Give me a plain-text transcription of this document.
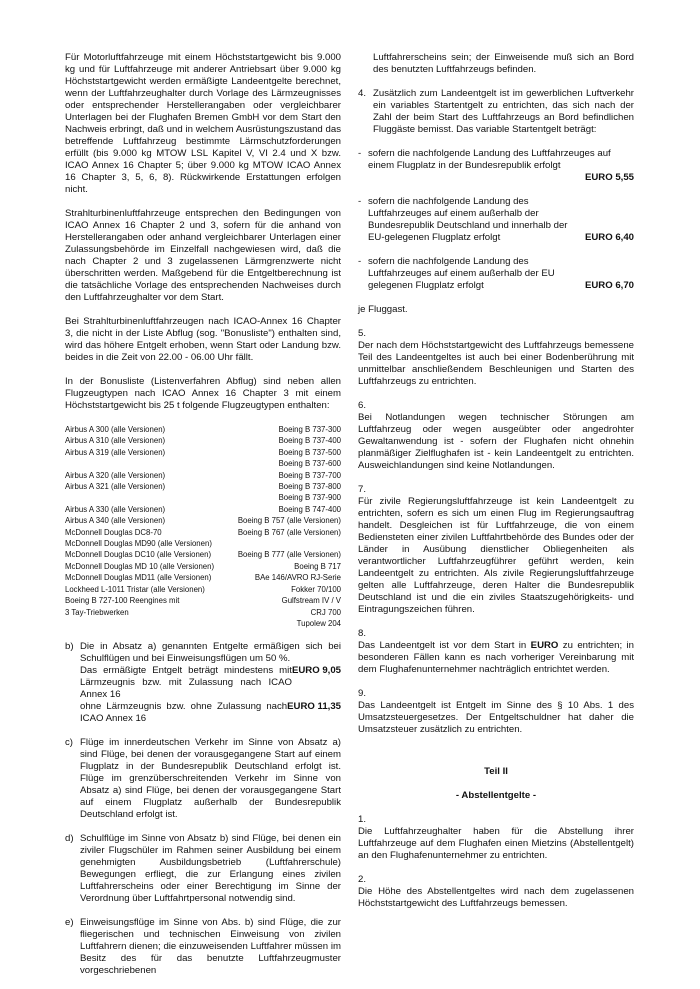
Für Motorluftfahrzeuge mit einem Höchststartgewicht bis 9.000 kg und für Luftfahrzeuge mit anderer Antriebsart über 9.000 kg Höchststartgewicht werden ermäßigte Landeentgelte berechnet, wenn der Luftfahrzeughalter durch Vorlage des Lärmzeugnisses oder entsprechender Herstellerangaben oder vergleichbarer Unterlagen bei der Flughafen Bremen GmbH vor dem Start den Nachweis erbringt, daß und in welchem Ausrüstungszustand das betreffende Luftfahrzeug bestimmte Lärmschutzforderungen erfüllt (bis 9.000 kg MTOW LSL Kapitel V, VI 2.4 und X bzw. ICAO Annex 16 Chapter 5; über 9.000 kg MTOW ICAO Annex 16 Chapter 3, 5, 6, 8). Rückwirkende Erstattungen erfolgen nicht.

Strahlturbinenluftfahrzeuge entsprechen den Bedingungen von ICAO Annex 16 Chapter 2 und 3, sofern für die anhand von Herstellerangaben oder anhand vergleichbarer Unterlagen einer Zulassungsbehörde im Einzelfall nachgewiesen wird, daß die nach Chapter 2 und 3 zugelassenen Lärmgrenzwerte nicht überschritten werden. Maßgebend für die Entgeltberechnung ist die tatsächliche Vorlage des entsprechenden Nachweises durch den Luftfahrzeughalter vor dem Start.

Bei Strahlturbinenluftfahrzeugen nach ICAO-Annex 16 Chapter 3, die nicht in der Liste Abflug (sog. "Bonusliste") enthalten sind, wird das höhere Entgelt erhoben, wenn Start oder Landung bzw. beides in die Zeit von 22.00 - 06.00 Uhr fällt.

In der Bonusliste (Listenverfahren Abflug) sind neben allen Flugzeugtypen nach ICAO Annex 16 Chapter 3 mit einem Höchststartgewicht bis 25 t folgende Flugzeugtypen enthalten:

Airbus A 300 (alle Versionen)	Boeing B 737-300
Airbus A 310 (alle Versionen)	Boeing B 737-400
Airbus A 319 (alle Versionen)	Boeing B 737-500
Boeing B 737-600
Airbus A 320 (alle Versionen)	Boeing B 737-700
Airbus A 321 (alle Versionen)	Boeing B 737-800
Boeing B 737-900
Airbus A 330 (alle Versionen)	Boeing B 747-400
Airbus A 340 (alle Versionen)	Boeing B 757 (alle Versionen)
McDonnell Douglas DC8-70	Boeing B 767 (alle Versionen)
McDonnell Douglas MD90 (alle Versionen)
McDonnell Douglas DC10 (alle Versionen)	Boeing B 777 (alle Versionen)
McDonnell Douglas MD 10 (alle Versionen)	Boeing B 717
McDonnell Douglas MD11 (alle Versionen)	BAe 146/AVRO RJ-Serie
Lockheed L-1011 Tristar (alle Versionen)	Fokker 70/100
Boeing B 727-100 Reengines mit	Gulfstream IV / V
3 Tay-Triebwerken	CRJ 700
Tupolew 204
b) Die in Absatz a) genannten Entgelte ermäßigen sich bei Schulflügen und bei Einweisungsflügen um 50 %.
Das ermäßigte Entgelt beträgt mindestens mit Lärmzeugnis bzw. mit Zulassung nach ICAO Annex 16
EURO 9,05
ohne Lärmzeugnis bzw. ohne Zulassung nach ICAO Annex 16
EURO 11,35
c) Flüge im innerdeutschen Verkehr im Sinne von Absatz a) sind Flüge, bei denen der vorausgegangene Start auf einem Flugplatz in der Bundesrepublik Deutschland erfolgt ist. Flüge im grenzüberschreitenden Verkehr im Sinne von Absatz a) sind Flüge, bei denen der vorausgegangene Start auf einem Flugplatz außerhalb der Bundesrepublik Deutschland erfolgt ist.
d) Schulflüge im Sinne von Absatz b) sind Flüge, bei denen ein ziviler Flugschüler im Rahmen seiner Ausbildung bei einem genehmigten Ausbildungsbetrieb (Luftfahrerschule) Bewegungen erfliegt, die zur Erlangung eines zivilen Luftfahrerscheins oder einer Berechtigung im Sinne der Verordnung über Luftfahrtpersonal notwendig sind.
e) Einweisungsflüge im Sinne von Abs. b) sind Flüge, die zur fliegerischen und technischen Einweisung von zivilen Luftfahrern dienen; die einzuweisenden Luftfahrer müssen im Besitz des für das benutzte Luftfahrzeugmuster vorgeschriebenen
Luftfahrerscheins sein; der Einweisende muß sich an Bord des benutzten Luftfahrzeugs befinden.
4. Zusätzlich zum Landeentgelt ist im gewerblichen Luftverkehr ein variables Startentgelt zu entrichten, das sich nach der Zahl der beim Start des Luftfahrzeugs an Bord befindlichen Fluggäste bemisst. Das variable Startentgelt beträgt:
- sofern die nachfolgende Landung des Luftfahrzeuges auf einem Flugplatz in der Bundesrepublik erfolgt
EURO 5,55
- sofern die nachfolgende Landung des Luftfahrzeuges auf einem außerhalb der Bundesrepublik Deutschland und innerhalb der EU-gelegenen Flugplatz erfolgt	EURO 6,40
- sofern die nachfolgende Landung des Luftfahrzeuges auf einem außerhalb der EU gelegenen Flugplatz erfolgt	EURO 6,70

je Fluggast.

5.

Der nach dem Höchststartgewicht des Luftfahrzeugs bemessene Teil des Landeentgeltes ist auch bei einer Bodenberührung mit unmittelbar anschließendem Beschleunigen und Starten des Luftfahrzeugs zu entrichten.

6.

Bei Notlandungen wegen technischer Störungen am Luftfahrzeug oder wegen ausgeübter oder angedrohter Gewaltanwendung ist - sofern der Flughafen nicht ohnehin planmäßiger Zielflughafen ist - kein Landeentgelt zu entrichten. Ausweichlandungen sind keine Notlandungen.

7.

Für zivile Regierungsluftfahrzeuge ist kein Landeentgelt zu entrichten, sofern es sich um einen Flug im Regierungsauftrag handelt. Desgleichen ist für Luftfahrzeuge, die von einem Bediensteten einer zivilen Luftfahrtbehörde des Bundes oder der Länder in Ausübung dienstlicher Obliegenheiten als verantwortlicher Luftfahrzeugführer geführt werden, kein Landeentgelt zu entrichten. Als zivile Regierungsluftfahrzeuge gelten alle Luftfahrzeuge, deren Halter die Bundesrepublik Deutschland ist und die ein ziviles Staatszugehörigkeits- und Eintragungszeichen führen.

8.

Das Landeentgelt ist vor dem Start in EURO zu entrichten; in besonderen Fällen kann es nach vorheriger Vereinbarung mit dem Flughafenunternehmer nachträglich entrichtet werden.

9.

Das Landeentgelt ist Entgelt im Sinne des § 10 Abs. 1 des Umsatzsteuergesetzes. Der Entgeltschuldner hat daher die Umsatzsteuer zusätzlich zu entrichten.

Teil II
- Abstellentgelte -
1.

Die Luftfahrzeughalter haben für die Abstellung ihrer Luftfahrzeuge auf dem Flughafen einen Mietzins (Abstellentgelt) an den Flughafenunternehmer zu entrichten.

2.

Die Höhe des Abstellentgeltes wird nach dem zugelassenen Höchststartgewicht des Luftfahrzeugs bemessen.
